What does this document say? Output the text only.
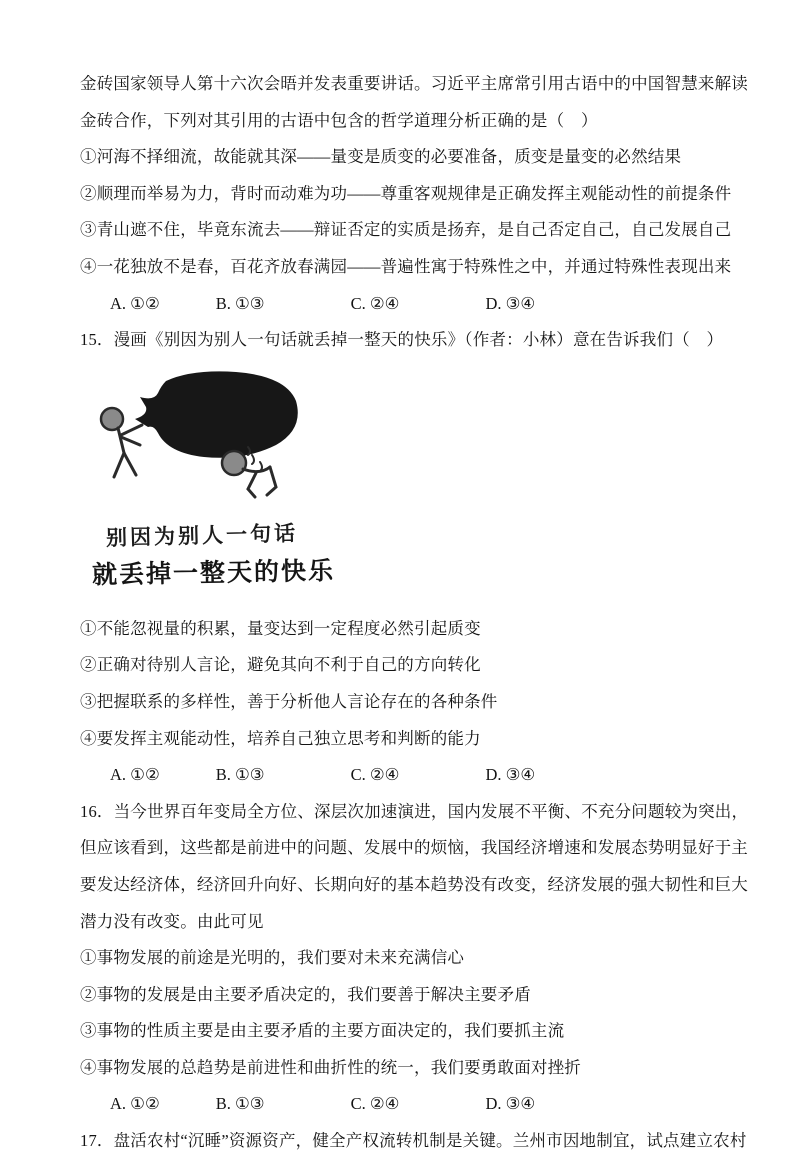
金砖国家领导人第十六次会晤并发表重要讲话。习近平主席常引用古语中的中国智慧来解读

金砖合作，下列对其引用的古语中包含的哲学道理分析正确的是（　）

①河海不择细流，故能就其深——量变是质变的必要准备，质变是量变的必然结果

②顺理而举易为力，背时而动难为功——尊重客观规律是正确发挥主观能动性的前提条件

③青山遮不住，毕竟东流去——辩证否定的实质是扬弃，是自己否定自己，自己发展自己

④一花独放不是春，百花齐放春满园——普遍性寓于特殊性之中，并通过特殊性表现出来

A. ①②	B. ①③	C. ②④	D. ③④

15．漫画《别因为别人一句话就丢掉一整天的快乐》（作者：小林）意在告诉我们（　）

别因为别人一句话
就丢掉一整天的快乐

①不能忽视量的积累，量变达到一定程度必然引起质变

②正确对待别人言论，避免其向不利于自己的方向转化

③把握联系的多样性，善于分析他人言论存在的各种条件

④要发挥主观能动性，培养自己独立思考和判断的能力

A. ①②	B. ①③	C. ②④	D. ③④

16．当今世界百年变局全方位、深层次加速演进，国内发展不平衡、不充分问题较为突出，

但应该看到，这些都是前进中的问题、发展中的烦恼，我国经济增速和发展态势明显好于主

要发达经济体，经济回升向好、长期向好的基本趋势没有改变，经济发展的强大韧性和巨大

潜力没有改变。由此可见

①事物发展的前途是光明的，我们要对未来充满信心

②事物的发展是由主要矛盾决定的，我们要善于解决主要矛盾

③事物的性质主要是由主要矛盾的主要方面决定的，我们要抓主流

④事物发展的总趋势是前进性和曲折性的统一，我们要勇敢面对挫折

A. ①②	B. ①③	C. ②④	D. ③④

17．盘活农村“沉睡”资源资产，健全产权流转机制是关键。兰州市因地制宜，试点建立农村
